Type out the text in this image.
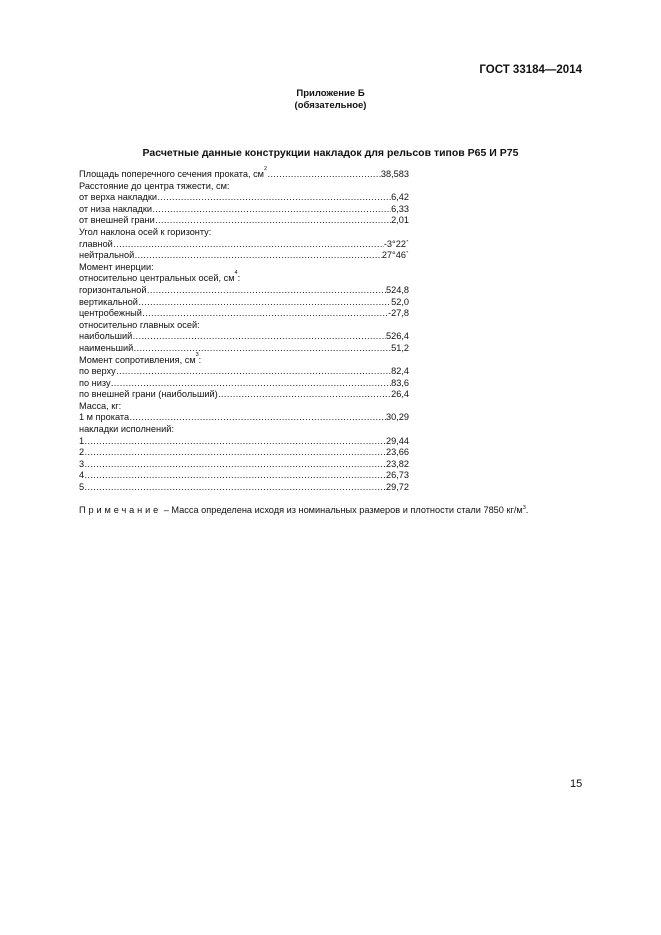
ГОСТ 33184—2014
Приложение Б
(обязательное)
Расчетные данные конструкции накладок для рельсов типов Р65 И Р75
Площадь поперечного сечения проката, см 2 ……………………………………………………………………………………………………………………………………………………………………	38,583
Расстояние до центра тяжести, см:
от верха накладки ……………………………………………………………………………………………………………………………………………………………………	6,42
от низа накладки ……………………………………………………………………………………………………………………………………………………………………	6,33
от внешней грани ……………………………………………………………………………………………………………………………………………………………………	2,01
Угол наклона осей к горизонту:
главной ……………………………………………………………………………………………………………………………………………………………………	-3°22`
нейтральной ……………………………………………………………………………………………………………………………………………………………………	27°46`
Момент инерции:
относительно центральных осей, см 4 :
горизонтальной ……………………………………………………………………………………………………………………………………………………………………	524,8
вертикальной ……………………………………………………………………………………………………………………………………………………………………	52,0
центробежный ……………………………………………………………………………………………………………………………………………………………………	-27,8
относительно главных осей:
наибольший ……………………………………………………………………………………………………………………………………………………………………	526,4
наименьший ……………………………………………………………………………………………………………………………………………………………………	51,2
Момент сопротивления, см 3 :
по верху ……………………………………………………………………………………………………………………………………………………………………	82,4
по низу ……………………………………………………………………………………………………………………………………………………………………	83,6
по внешней грани (наибольший) ……………………………………………………………………………………………………………………………………………………………………	26,4
Масса, кг:
1 м проката ……………………………………………………………………………………………………………………………………………………………………	30,29
накладки исполнений:
1 ……………………………………………………………………………………………………………………………………………………………………	29,44
2 ……………………………………………………………………………………………………………………………………………………………………	23,66
3 ……………………………………………………………………………………………………………………………………………………………………	23,82
4 ……………………………………………………………………………………………………………………………………………………………………	26,73
5 ……………………………………………………………………………………………………………………………………………………………………	29,72
Примечание – Масса определена исходя из номинальных размеров и плотности стали 7850 $кг/м^3$.
15
